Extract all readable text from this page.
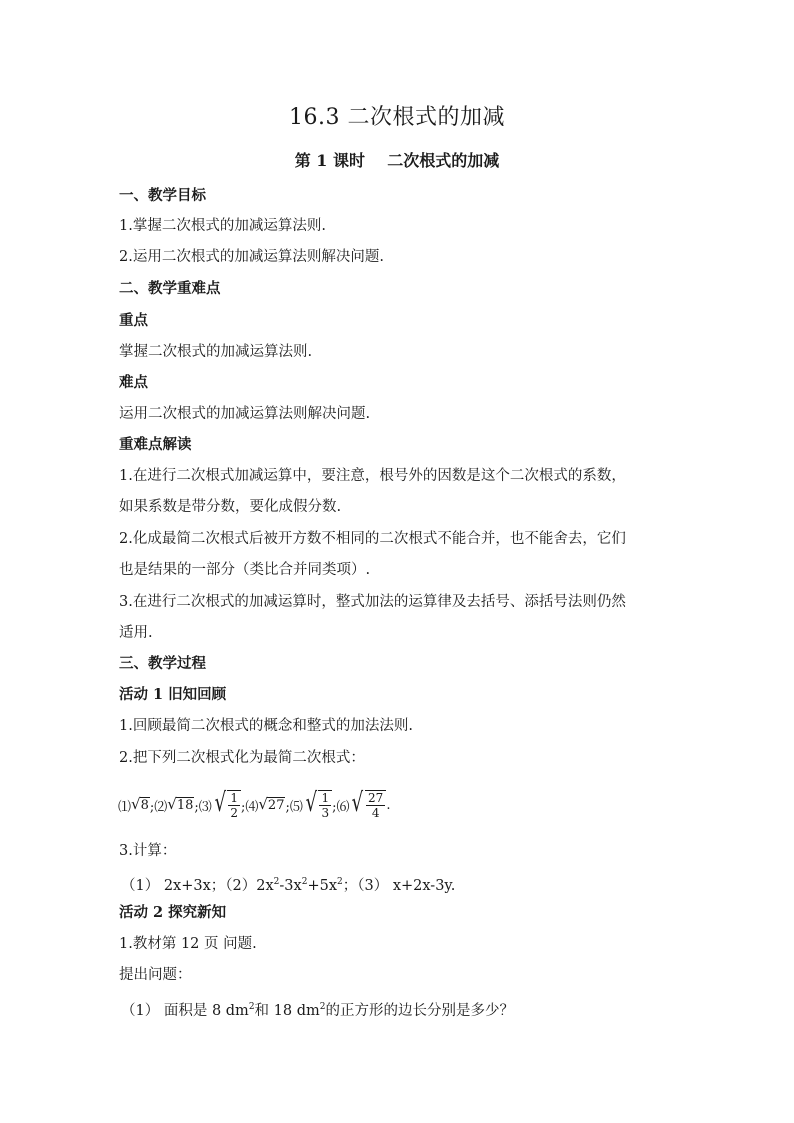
16.3 二次根式的加减
第 1 课时    二次根式的加减
一、教学目标
1.掌握二次根式的加减运算法则.
2.运用二次根式的加减运算法则解决问题.
二、教学重难点
重点
掌握二次根式的加减运算法则.
难点
运用二次根式的加减运算法则解决问题.
重难点解读
1.在进行二次根式加减运算中，要注意，根号外的因数是这个二次根式的系数，
如果系数是带分数，要化成假分数.
2.化成最简二次根式后被开方数不相同的二次根式不能合并，也不能舍去，它们
也是结果的一部分（类比合并同类项）.
3.在进行二次根式的加减运算时，整式加法的运算律及去括号、添括号法则仍然
适用.
三、教学过程
活动 1 旧知回顾
1.回顾最简二次根式的概念和整式的加法法则.
2.把下列二次根式化为最简二次根式：
⑴ √ 8 ;⑵ √ 18 ;⑶ √ $\frac{1}{2}$ ;⑷ √ 27 ;⑸ √ $\frac{1}{3}$ ;⑹ √ $\frac{27}{4}$ .
3.计算：
（1） 2x+3x；$(2)2x^2-3x^2+5x^2$；（3） x+2x-3y.
活动 2 探究新知
1.教材第 12 页 问题.
提出问题：
（1） 面积是 8 $dm^2$和 18 $dm^2$的正方形的边长分别是多少？
